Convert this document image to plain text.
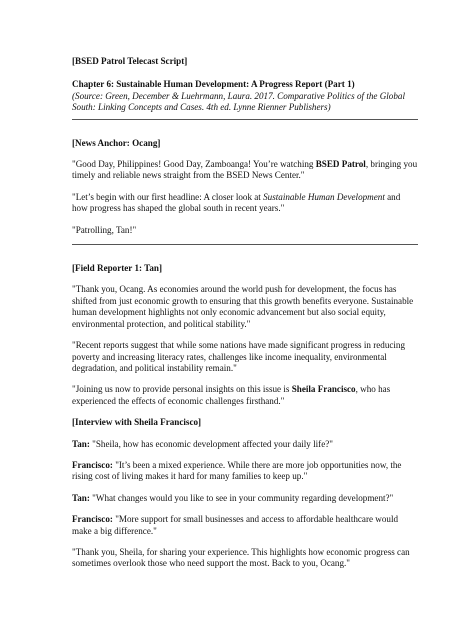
[BSED Patrol Telecast Script]

Chapter 6: Sustainable Human Development: A Progress Report (Part 1)

(Source: Green, December & Luehrmann, Laura. 2017. Comparative Politics of the Global South: Linking Concepts and Cases. 4th ed. Lynne Rienner Publishers)

[News Anchor: Ocang]

"Good Day, Philippines! Good Day, Zamboanga! You’re watching BSED Patrol, bringing you timely and reliable news straight from the BSED News Center."

"Let’s begin with our first headline: A closer look at Sustainable Human Development and how progress has shaped the global south in recent years."

"Patrolling, Tan!"

[Field Reporter 1: Tan]

"Thank you, Ocang. As economies around the world push for development, the focus has shifted from just economic growth to ensuring that this growth benefits everyone. Sustainable human development highlights not only economic advancement but also social equity, environmental protection, and political stability."

"Recent reports suggest that while some nations have made significant progress in reducing poverty and increasing literacy rates, challenges like income inequality, environmental degradation, and political instability remain."

"Joining us now to provide personal insights on this issue is Sheila Francisco, who has experienced the effects of economic challenges firsthand."

[Interview with Sheila Francisco]

Tan: "Sheila, how has economic development affected your daily life?"

Francisco: "It’s been a mixed experience. While there are more job opportunities now, the rising cost of living makes it hard for many families to keep up."

Tan: "What changes would you like to see in your community regarding development?"

Francisco: "More support for small businesses and access to affordable healthcare would make a big difference."

"Thank you, Sheila, for sharing your experience. This highlights how economic progress can sometimes overlook those who need support the most. Back to you, Ocang."
